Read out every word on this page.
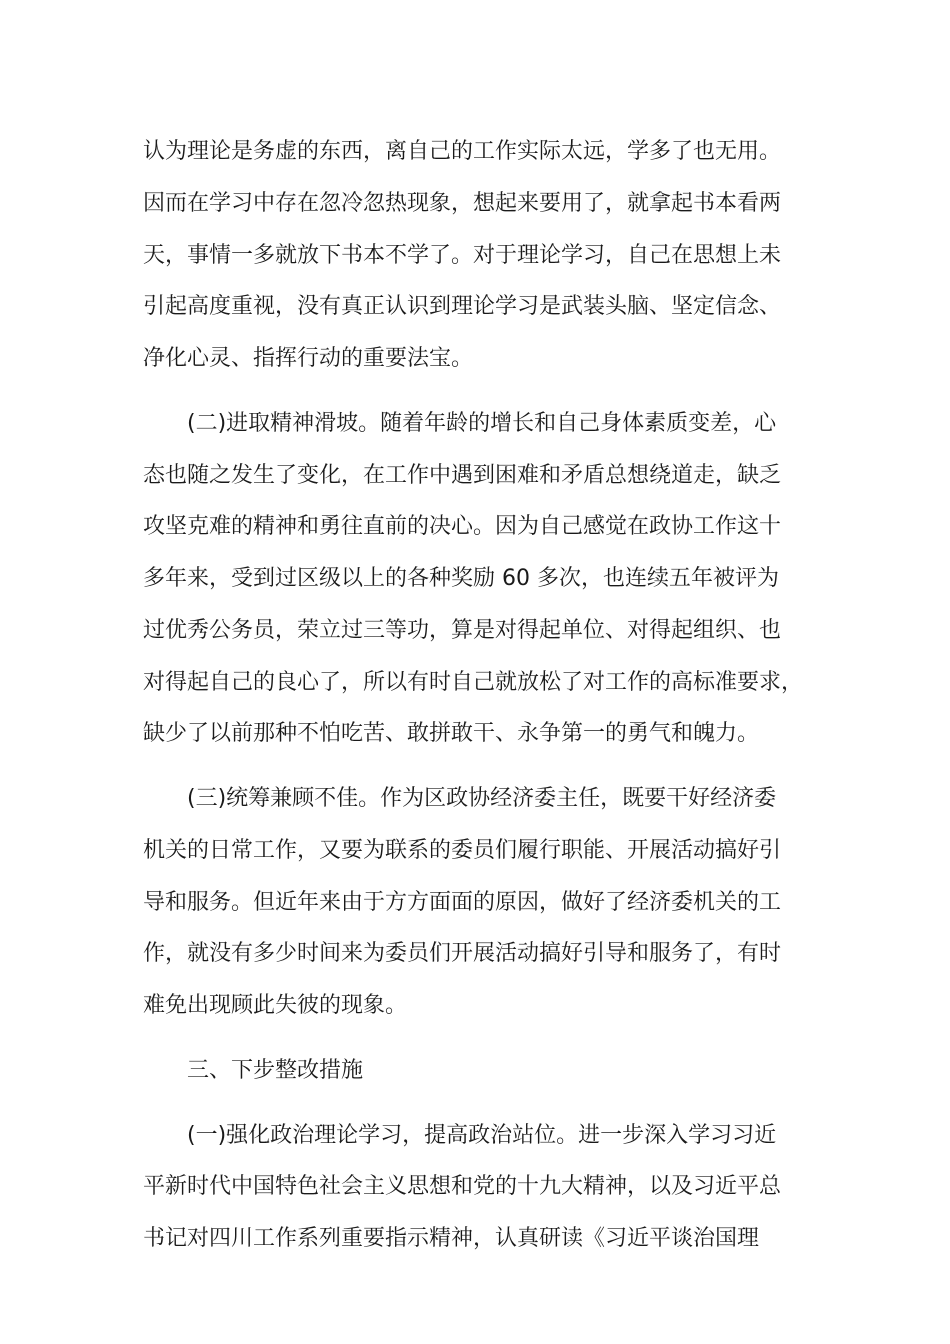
认为理论是务虚的东西，离自己的工作实际太远，学多了也无用。
因而在学习中存在忽冷忽热现象，想起来要用了，就拿起书本看两
天，事情一多就放下书本不学了。对于理论学习，自己在思想上未
引起高度重视，没有真正认识到理论学习是武装头脑、坚定信念、
净化心灵、指挥行动的重要法宝。
(二)进取精神滑坡。随着年龄的增长和自己身体素质变差，心
态也随之发生了变化，在工作中遇到困难和矛盾总想绕道走，缺乏
攻坚克难的精神和勇往直前的决心。因为自己感觉在政协工作这十
多年来，受到过区级以上的各种奖励 60 多次，也连续五年被评为
过优秀公务员，荣立过三等功，算是对得起单位、对得起组织、也
对得起自己的良心了，所以有时自己就放松了对工作的高标准要求，
缺少了以前那种不怕吃苦、敢拼敢干、永争第一的勇气和魄力。
(三)统筹兼顾不佳。作为区政协经济委主任，既要干好经济委
机关的日常工作，又要为联系的委员们履行职能、开展活动搞好引
导和服务。但近年来由于方方面面的原因，做好了经济委机关的工
作，就没有多少时间来为委员们开展活动搞好引导和服务了，有时
难免出现顾此失彼的现象。
三、下步整改措施
(一)强化政治理论学习，提高政治站位。进一步深入学习习近
平新时代中国特色社会主义思想和党的十九大精神，以及习近平总
书记对四川工作系列重要指示精神，认真研读《习近平谈治国理
